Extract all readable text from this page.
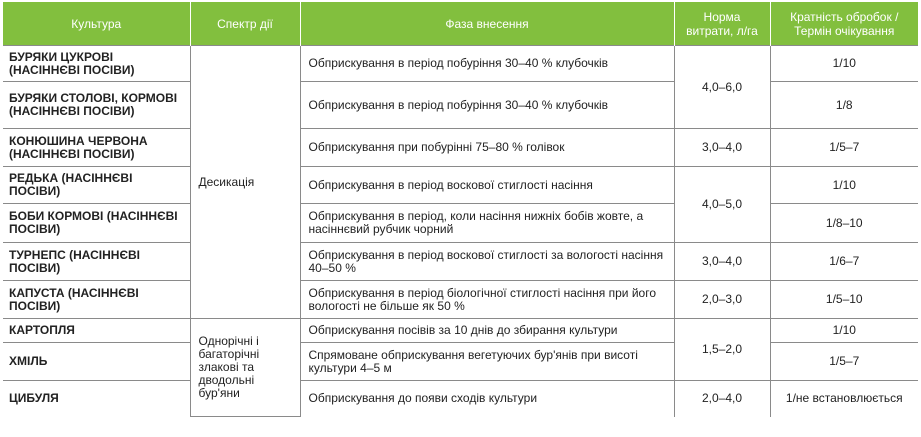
Культура	Спектр дії	Фаза внесення	Норма витрати, л/га	Кратність обробок / Термін очікування
БУРЯКИ ЦУКРОВІ (НАСІННЄВІ ПОСІВИ)	Десикація	Обприскування в період побуріння 30–40 % клубочків	4,0–6,0	1/10
БУРЯКИ СТОЛОВІ, КОРМОВІ (НАСІННЄВІ ПОСІВИ)		Обприскування в період побуріння 30–40 % клубочків		1/8
КОНЮШИНА ЧЕРВОНА (НАСІННЄВІ ПОСІВИ)		Обприскування при побурінні 75–80 % голівок	3,0–4,0	1/5–7
РЕДЬКА (НАСІННЄВІ ПОСІВИ)		Обприскування в період воскової стиглості насіння	4,0–5,0	1/10
БОБИ КОРМОВІ (НАСІННЄВІ ПОСІВИ)		Обприскування в період, коли насіння нижніх бобів жовте, а насіннєвий рубчик чорний		1/8–10
ТУРНЕПС (НАСІННЄВІ ПОСІВИ)		Обприскування в період воскової стиглості за вологості насіння 40–50 %	3,0–4,0	1/6–7
КАПУСТА (НАСІННЄВІ ПОСІВИ)		Обприскування в період біологічної стиглості насіння при його вологості не більше як 50 %	2,0–3,0	1/5–10
КАРТОПЛЯ	Однорічні і багаторічні злакові та дводольні бур'яни	Обприскування посівів за 10 днів до збирання культури	1,5–2,0	1/10
ХМІЛЬ		Спрямоване обприскування вегетуючих бур'янів при висоті культури 4–5 м		1/5–7
ЦИБУЛЯ		Обприскування до появи сходів культури	2,0–4,0	1/не встановлюється
